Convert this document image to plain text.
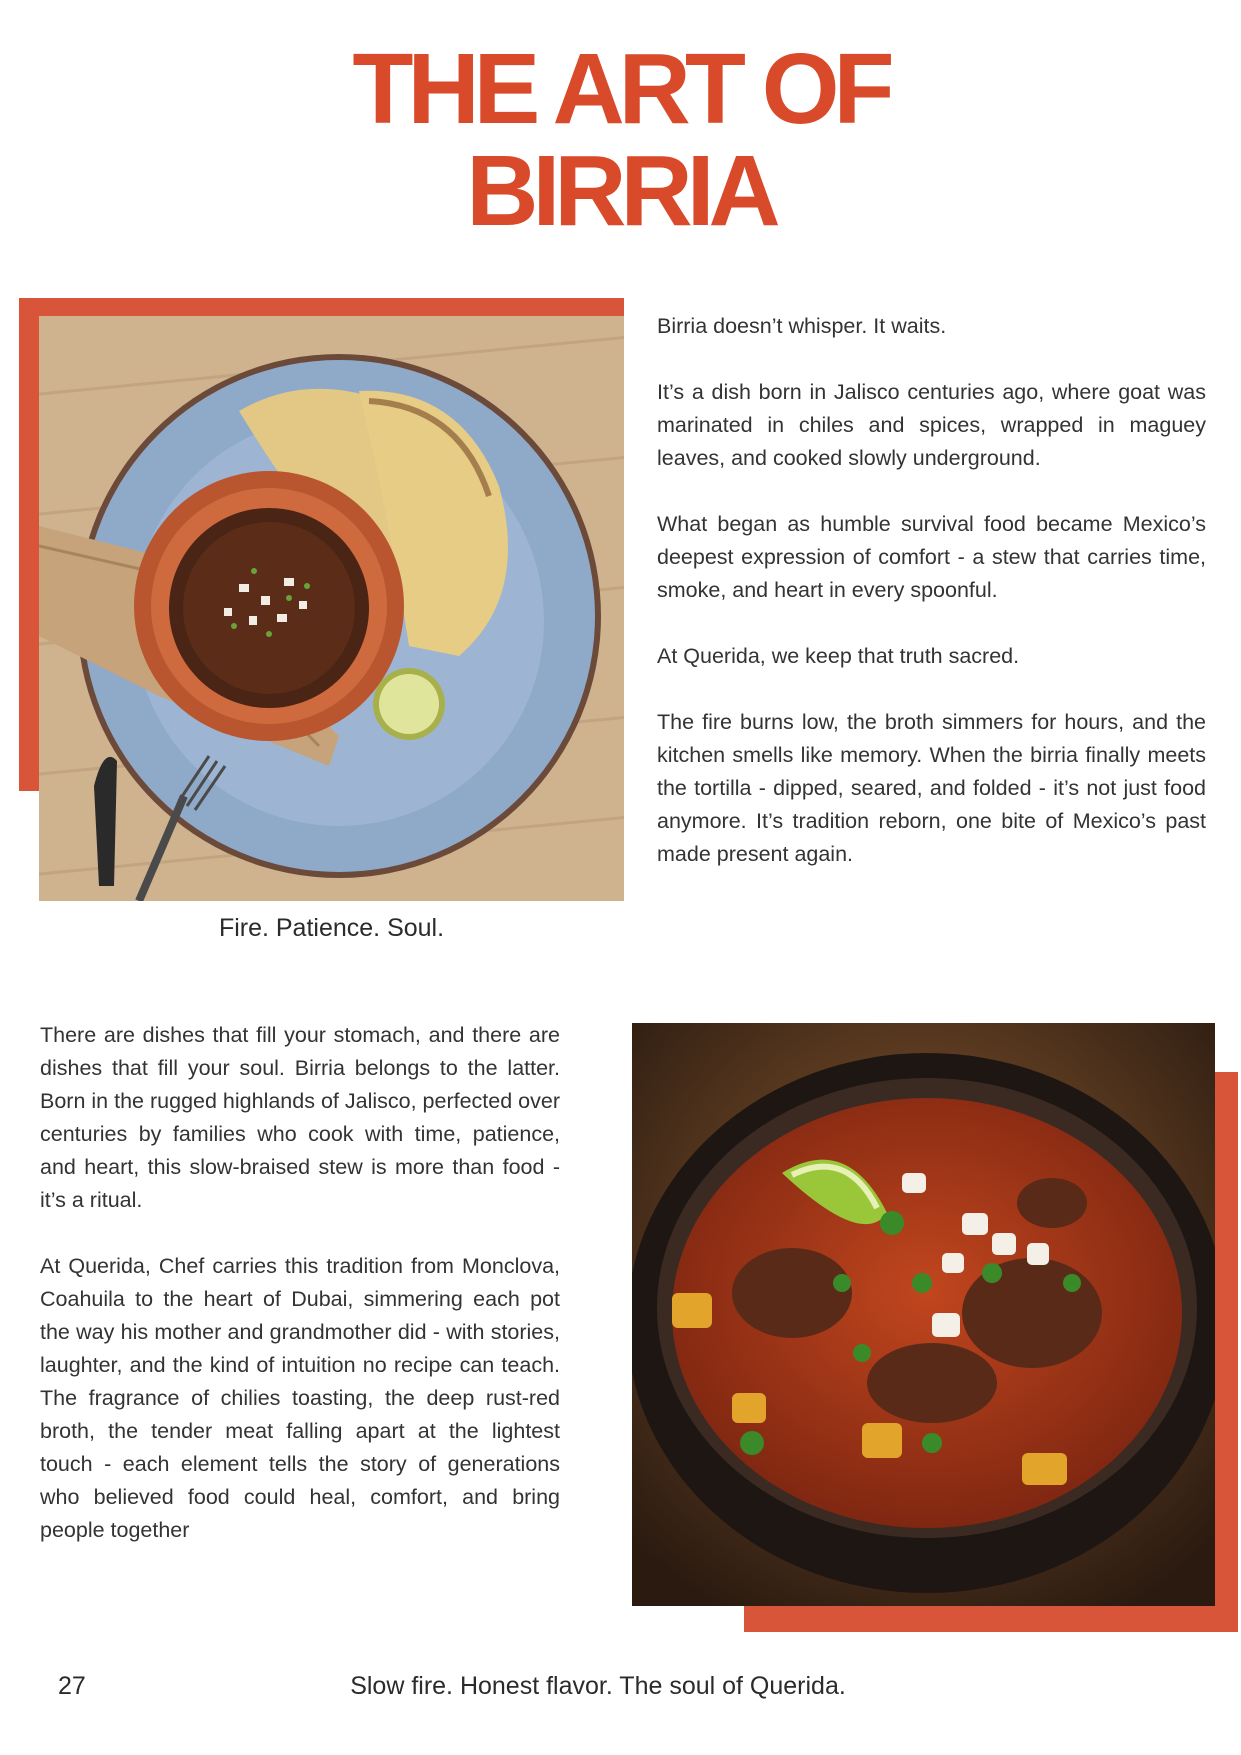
THE ART OF
BIRRIA
Fire. Patience. Soul.

Birria doesn’t whisper. It waits.

It’s a dish born in Jalisco centuries ago, where goat was marinated in chiles and spices, wrapped in maguey leaves, and cooked slowly underground.

What began as humble survival food became Mexico’s deepest expression of comfort - a stew that carries time, smoke, and heart in every spoonful.

At Querida, we keep that truth sacred.

The fire burns low, the broth simmers for hours, and the kitchen smells like memory. When the birria finally meets the tortilla - dipped, seared, and folded - it’s not just food anymore. It’s tradition reborn, one bite of Mexico’s past made present again.

There are dishes that fill your stomach, and there are dishes that fill your soul. Birria belongs to the latter. Born in the rugged highlands of Jalisco, perfected over centuries by families who cook with time, patience, and heart, this slow-braised stew is more than food - it’s a ritual.

At Querida, Chef carries this tradition from Monclova, Coahuila to the heart of Dubai, simmering each pot the way his mother and grandmother did - with stories, laughter, and the kind of intuition no recipe can teach. The fragrance of chilies toasting, the deep rust-red broth, the tender meat falling apart at the lightest touch - each element tells the story of generations who believed food could heal, comfort, and bring people together

27	Slow fire. Honest flavor. The soul of Querida.
